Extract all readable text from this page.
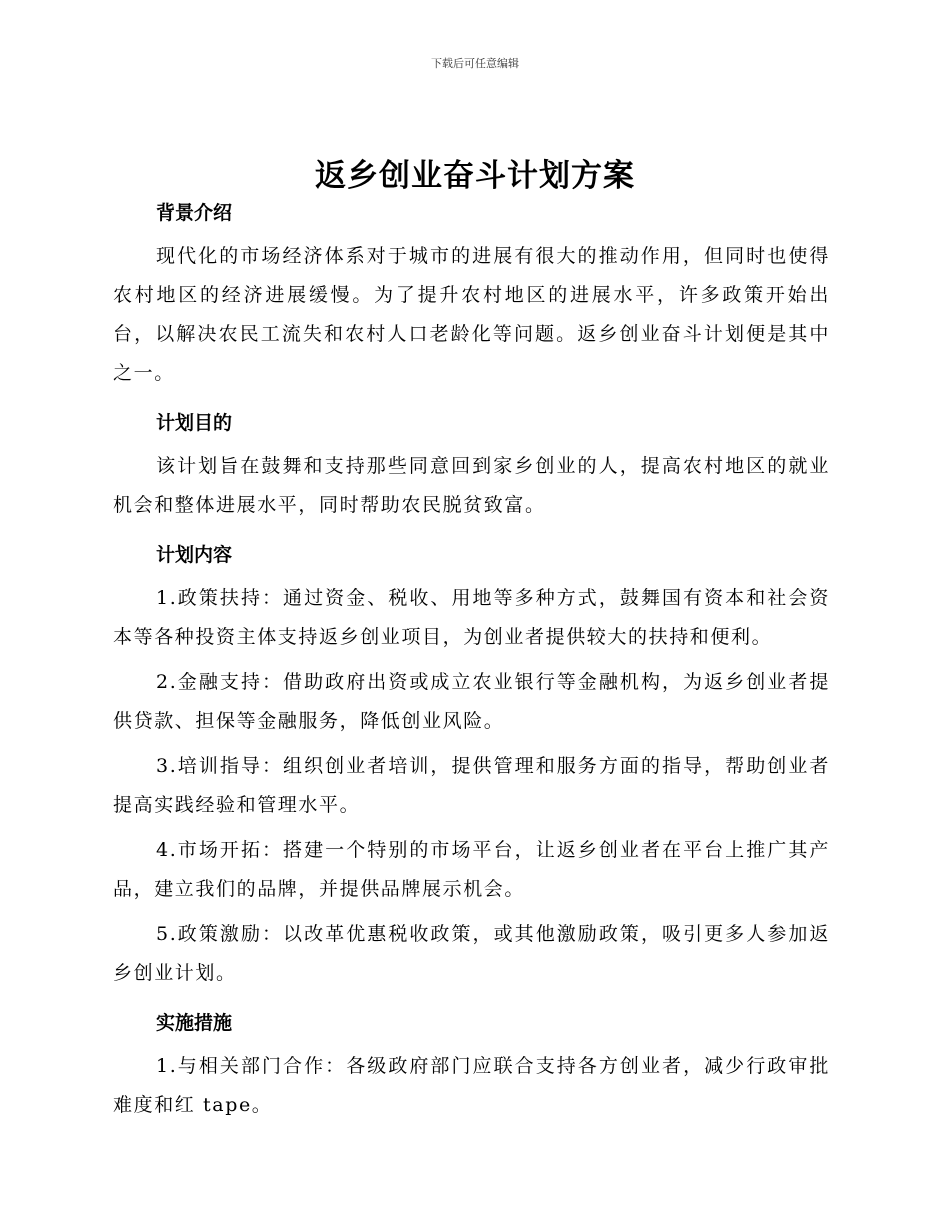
下载后可任意编辑
返乡创业奋斗计划方案
背景介绍

现代化的市场经济体系对于城市的进展有很大的推动作用，但同时也使得农村地区的经济进展缓慢。为了提升农村地区的进展水平，许多政策开始出台，以解决农民工流失和农村人口老龄化等问题。返乡创业奋斗计划便是其中之一。

计划目的

该计划旨在鼓舞和支持那些同意回到家乡创业的人，提高农村地区的就业机会和整体进展水平，同时帮助农民脱贫致富。

计划内容

1.政策扶持：通过资金、税收、用地等多种方式，鼓舞国有资本和社会资本等各种投资主体支持返乡创业项目，为创业者提供较大的扶持和便利。

2.金融支持：借助政府出资或成立农业银行等金融机构，为返乡创业者提供贷款、担保等金融服务，降低创业风险。

3.培训指导：组织创业者培训，提供管理和服务方面的指导，帮助创业者提高实践经验和管理水平。

4.市场开拓：搭建一个特别的市场平台，让返乡创业者在平台上推广其产品，建立我们的品牌，并提供品牌展示机会。

5.政策激励：以改革优惠税收政策，或其他激励政策，吸引更多人参加返乡创业计划。

实施措施

1.与相关部门合作：各级政府部门应联合支持各方创业者，减少行政审批难度和红 tape。
